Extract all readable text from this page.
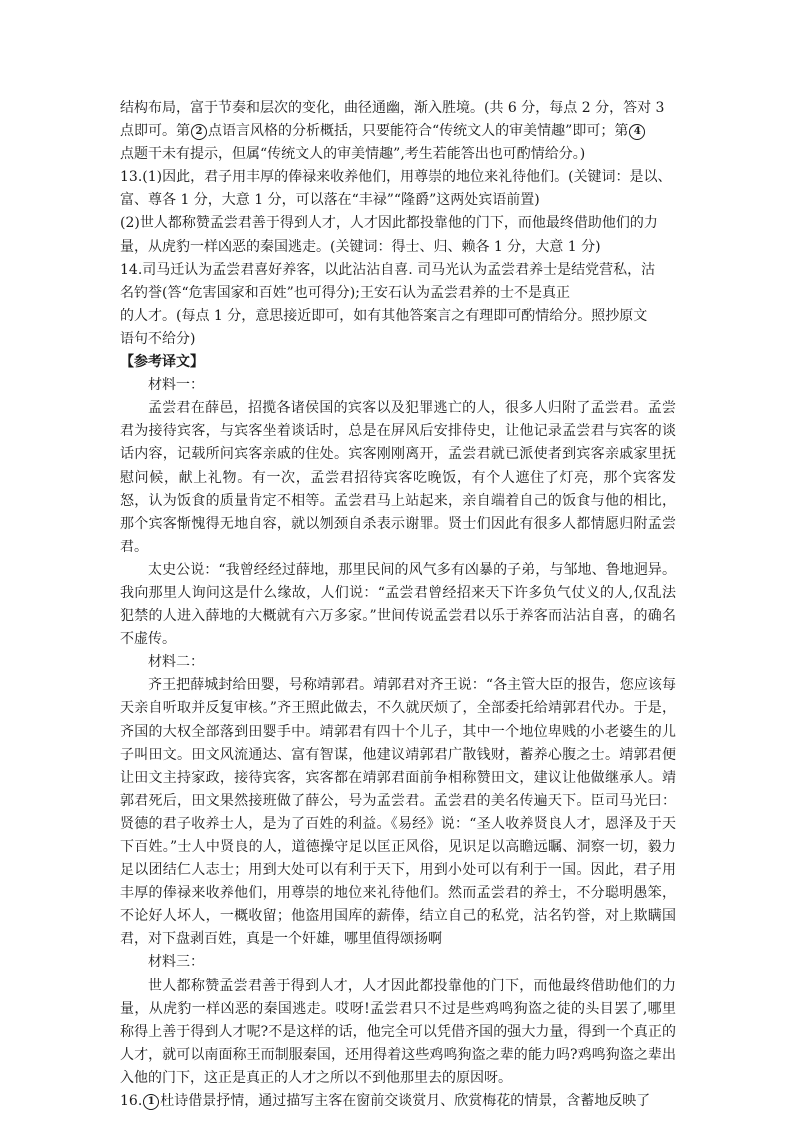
结构布局，富于节奏和层次的变化，曲径通幽，渐入胜境。(共 6 分，每点 2 分，答对 3

点即可。第 2 点语言风格的分析概括，只要能符合“传统文人的审美情趣”即可；第 4

点题干未有提示，但属“传统文人的审美情趣”,考生若能答出也可酌情给分。)

13.(1)因此，君子用丰厚的俸禄来收养他们，用尊崇的地位来礼待他们。(关键词：是以、

富、尊各 1 分，大意 1 分，可以落在“丰禄”“隆爵”这两处宾语前置)

(2)世人都称赞孟尝君善于得到人才，人才因此都投靠他的门下，而他最终借助他们的力

量，从虎豹一样凶恶的秦国逃走。(关键词：得士、归、赖各 1 分，大意 1 分)

14.司马迁认为孟尝君喜好养客，以此沾沾自喜. 司马光认为孟尝君养士是结党营私，沽

名钓誉(答“危害国家和百姓”也可得分);王安石认为孟尝君养的士不是真正

的人才。(每点 1 分，意思接近即可，如有其他答案言之有理即可酌情给分。照抄原文

语句不给分)

【参考译文】

材料一：

孟尝君在薛邑，招揽各诸侯国的宾客以及犯罪逃亡的人，很多人归附了孟尝君。孟尝君为接待宾客，与宾客坐着谈话时，总是在屏风后安排侍史，让他记录孟尝君与宾客的谈话内容，记载所问宾客亲戚的住处。宾客刚刚离开，孟尝君就已派使者到宾客亲戚家里抚慰问候，献上礼物。有一次，孟尝君招待宾客吃晚饭，有个人遮住了灯亮，那个宾客发怒，认为饭食的质量肯定不相等。孟尝君马上站起来，亲自端着自己的饭食与他的相比，那个宾客惭愧得无地自容，就以刎颈自杀表示谢罪。贤士们因此有很多人都情愿归附孟尝君。

太史公说：“我曾经经过薛地，那里民间的风气多有凶暴的子弟，与邹地、鲁地迥异。我向那里人询问这是什么缘故，人们说：“孟尝君曾经招来天下许多负气仗义的人,仅乱法犯禁的人进入薛地的大概就有六万多家。”世间传说孟尝君以乐于养客而沾沾自喜，的确名不虚传。

材料二：

齐王把薛城封给田婴，号称靖郭君。靖郭君对齐王说：“各主管大臣的报告，您应该每天亲自听取并反复审核。”齐王照此做去，不久就厌烦了，全部委托给靖郭君代办。于是，齐国的大权全部落到田婴手中。靖郭君有四十个儿子，其中一个地位卑贱的小老婆生的儿子叫田文。田文风流通达、富有智谋，他建议靖郭君广散钱财，蓄养心腹之士。靖郭君便让田文主持家政，接待宾客，宾客都在靖郭君面前争相称赞田文，建议让他做继承人。靖郭君死后，田文果然接班做了薛公，号为孟尝君。孟尝君的美名传遍天下。臣司马光曰：贤德的君子收养士人，是为了百姓的利益。《易经》说：“圣人收养贤良人才，恩泽及于天下百姓。”士人中贤良的人，道德操守足以匡正风俗，见识足以高瞻远瞩、洞察一切，毅力足以团结仁人志士；用到大处可以有利于天下，用到小处可以有利于一国。因此，君子用丰厚的俸禄来收养他们，用尊崇的地位来礼待他们。然而孟尝君的养士，不分聪明愚笨，不论好人坏人，一概收留；他盗用国库的薪俸，结立自己的私党，沽名钓誉，对上欺瞒国君，对下盘剥百姓，真是一个奸雄，哪里值得颂扬啊

材料三：

世人都称赞孟尝君善于得到人才，人才因此都投靠他的门下，而他最终借助他们的力量，从虎豹一样凶恶的秦国逃走。哎呀!孟尝君只不过是些鸡鸣狗盗之徒的头目罢了,哪里称得上善于得到人才呢?不是这样的话，他完全可以凭借齐国的强大力量，得到一个真正的人才，就可以南面称王而制服秦国，还用得着这些鸡鸣狗盗之辈的能力吗?鸡鸣狗盗之辈出入他的门下，这正是真正的人才之所以不到他那里去的原因呀。

16. 1 杜诗借景抒情，通过描写主客在窗前交谈赏月、欣赏梅花的情景，含蓄地反映了
